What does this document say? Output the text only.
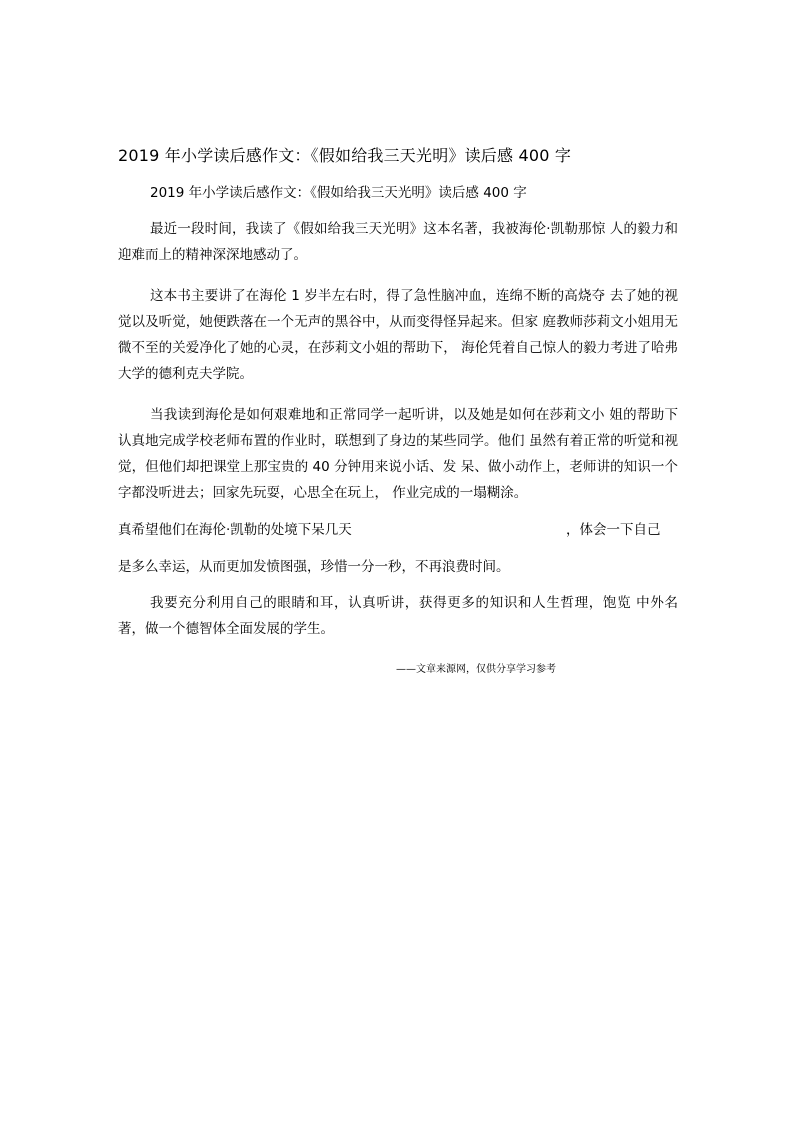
2019 年小学读后感作文：《假如给我三天光明》读后感 400 字
2019 年小学读后感作文：《假如给我三天光明》读后感 400 字

最近一段时间，我读了《假如给我三天光明》这本名著，我被海伦·凯勒那惊 人的毅力和迎难而上的精神深深地感动了。

这本书主要讲了在海伦 1 岁半左右时，得了急性脑冲血，连绵不断的高烧夺 去了她的视觉以及听觉，她便跌落在一个无声的黑谷中，从而变得怪异起来。但家 庭教师莎莉文小姐用无微不至的关爱净化了她的心灵，在莎莉文小姐的帮助下， 海伦凭着自己惊人的毅力考进了哈弗大学的德利克夫学院。

当我读到海伦是如何艰难地和正常同学一起听讲，以及她是如何在莎莉文小 姐的帮助下认真地完成学校老师布置的作业时，联想到了身边的某些同学。他们 虽然有着正常的听觉和视觉，但他们却把课堂上那宝贵的 40 分钟用来说小话、发 呆、做小动作上，老师讲的知识一个字都没听进去；回家先玩耍，心思全在玩上， 作业完成的一塌糊涂。

真希望他们在海伦·凯勒的处境下呆几天	，体会一下自己
是多么幸运，从而更加发愤图强，珍惜一分一秒，不再浪费时间。

我要充分利用自己的眼睛和耳，认真听讲，获得更多的知识和人生哲理，饱览 中外名著，做一个德智体全面发展的学生。

——文章来源网，仅供分享学习参考
